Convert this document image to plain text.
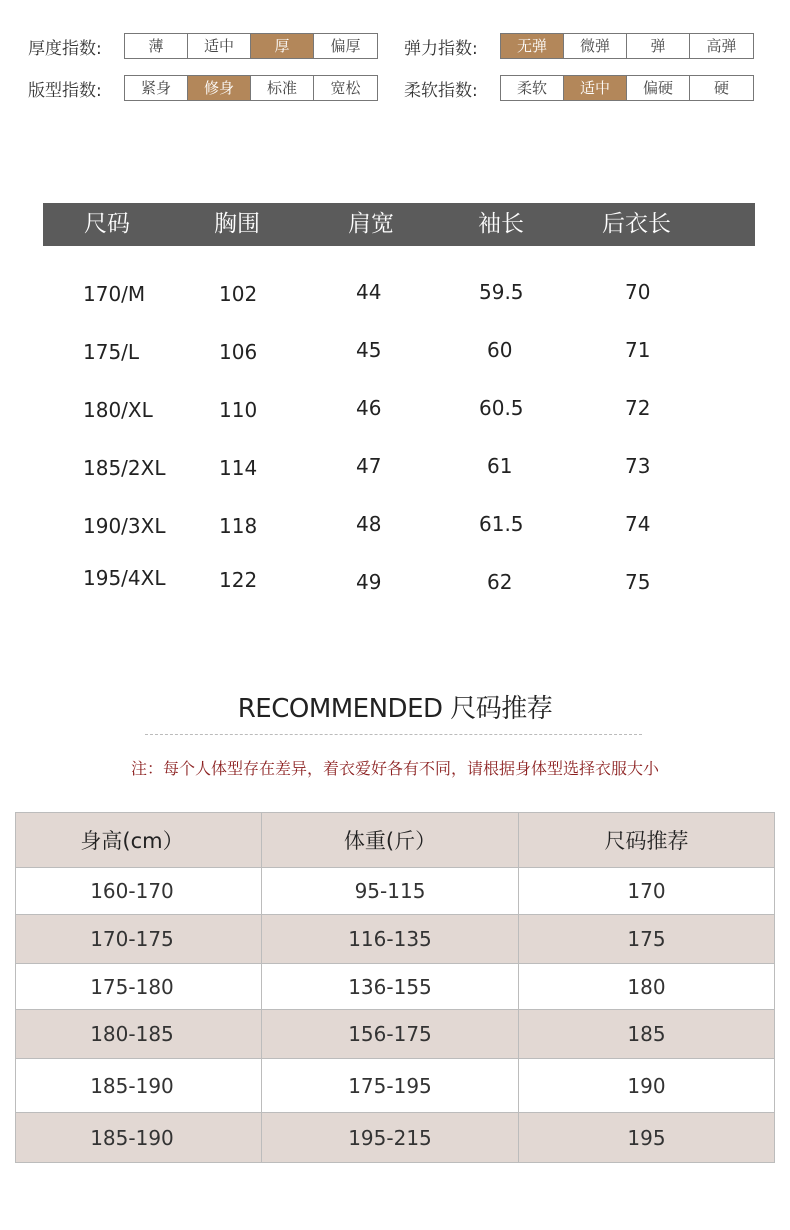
厚度指数:	薄	适中	厚	偏厚	弹力指数:	无弹	微弹	弹	高弹
版型指数:	紧身	修身	标准	宽松	柔软指数:	柔软	适中	偏硬	硬
尺码	胸围	肩宽	袖长	后衣长
170/M	102	44	59.5	70
175/L	106	45	60	71
180/XL	110	46	60.5	72
185/2XL	114	47	61	73
190/3XL	118	48	61.5	74
195/4XL	122	49	62	75
RECOMMENDED 尺码推荐
注：每个人体型存在差异，着衣爱好各有不同，请根据身体型选择衣服大小
身高(cm）	体重(斤）	尺码推荐
160-170	95-115	170
170-175	116-135	175
175-180	136-155	180
180-185	156-175	185
185-190	175-195	190
185-190	195-215	195
